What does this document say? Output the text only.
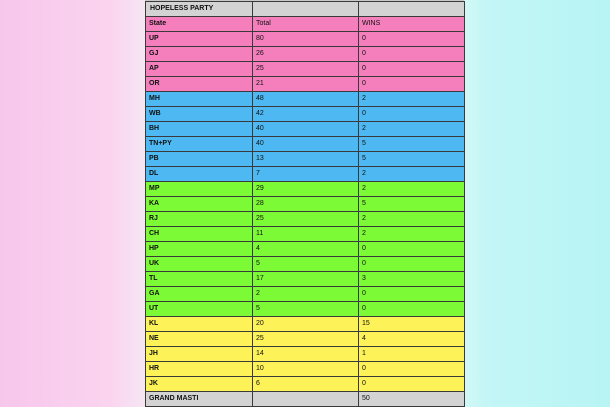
HOPELESS PARTY		
State	Total	WINS
UP	80	0
GJ	26	0
AP	25	0
OR	21	0
MH	48	2
WB	42	0
BH	40	2
TN+PY	40	5
PB	13	5
DL	7	2
MP	29	2
KA	28	5
RJ	25	2
CH	11	2
HP	4	0
UK	5	0
TL	17	3
GA	2	0
UT	5	0
KL	20	15
NE	25	4
JH	14	1
HR	10	0
JK	6	0
GRAND MASTI		50
